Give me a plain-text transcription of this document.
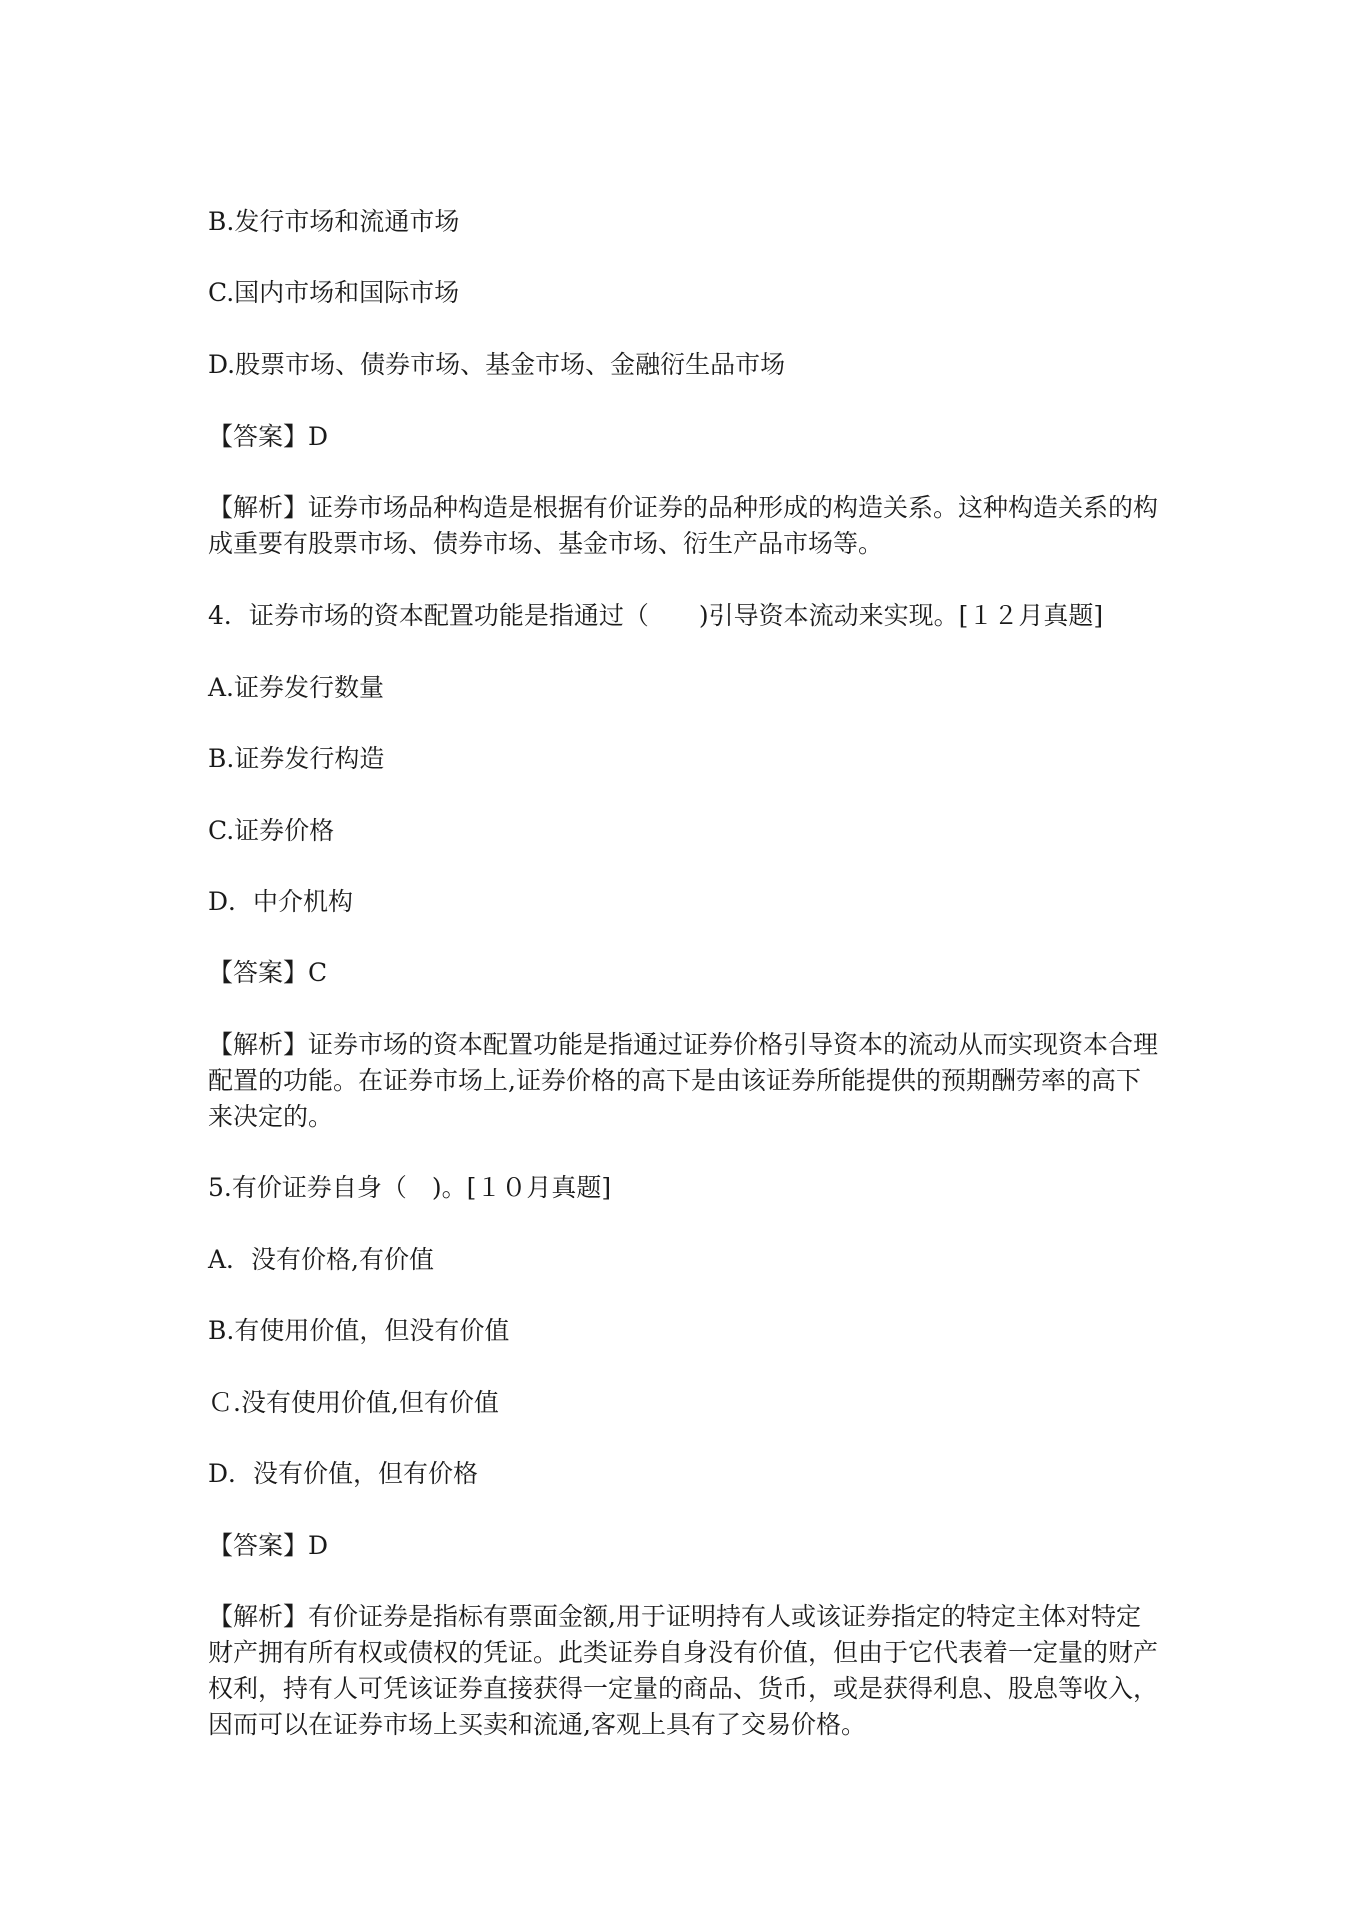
B.发行市场和流通市场
C.国内市场和国际市场
D.股票市场、债券市场、基金市场、金融衍生品市场
【答案】D
【解析】证券市场品种构造是根据有价证券的品种形成的构造关系。这种构造关系的构
成重要有股票市场、债券市场、基金市场、衍生产品市场等。
4．证券市场的资本配置功能是指通过（　　)引导资本流动来实现。[１２月真题]
A.证券发行数量
B.证券发行构造
C.证券价格
D．中介机构
【答案】C
【解析】证券市场的资本配置功能是指通过证券价格引导资本的流动从而实现资本合理
配置的功能。在证券市场上,证券价格的高下是由该证券所能提供的预期酬劳率的高下
来决定的。
5.有价证券自身（　)。[１０月真题]
A．没有价格,有价值
B.有使用价值，但没有价值
Ｃ.没有使用价值,但有价值
D．没有价值，但有价格
【答案】D
【解析】有价证券是指标有票面金额,用于证明持有人或该证券指定的特定主体对特定
财产拥有所有权或债权的凭证。此类证券自身没有价值，但由于它代表着一定量的财产
权利，持有人可凭该证券直接获得一定量的商品、货币，或是获得利息、股息等收入，
因而可以在证券市场上买卖和流通,客观上具有了交易价格。
